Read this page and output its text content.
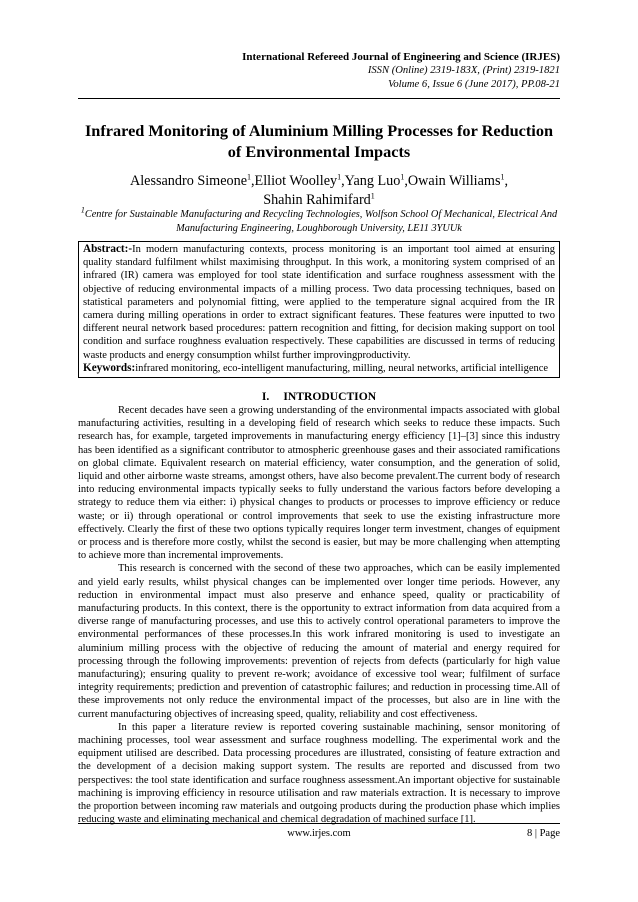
International Refereed Journal of Engineering and Science (IRJES)
ISSN (Online) 2319-183X, (Print) 2319-1821
Volume 6, Issue 6 (June 2017), PP.08-21
Infrared Monitoring of Aluminium Milling Processes for Reduction of Environmental Impacts
Alessandro Simeone$^1$,Elliot Woolley$^1$,Yang Luo$^1$,Owain Williams$^1$,
Shahin Rahimifard$^1$
$^1$Centre for Sustainable Manufacturing and Recycling Technologies, Wolfson School Of Mechanical, Electrical And Manufacturing Engineering, Loughborough University, LE11 3YUUk
Abstract:-In modern manufacturing contexts, process monitoring is an important tool aimed at ensuring quality standard fulfilment whilst maximising throughput. In this work, a monitoring system comprised of an infrared (IR) camera was employed for tool state identification and surface roughness assessment with the objective of reducing environmental impacts of a milling process. Two data processing techniques, based on statistical parameters and polynomial fitting, were applied to the temperature signal acquired from the IR camera during milling operations in order to extract significant features. These features were inputted to two different neural network based procedures: pattern recognition and fitting, for decision making support on tool condition and surface roughness evaluation respectively. These capabilities are discussed in terms of reducing waste products and energy consumption whilst further improvingproductivity.
Keywords:infrared monitoring, eco-intelligent manufacturing, milling, neural networks, artificial intelligence
I. INTRODUCTION

Recent decades have seen a growing understanding of the environmental impacts associated with global manufacturing activities, resulting in a developing field of research which seeks to reduce these impacts. Such research has, for example, targeted improvements in manufacturing energy efficiency [1]–[3] since this industry has been identified as a significant contributor to atmospheric greenhouse gases and their associated ramifications on global climate. Equivalent research on material efficiency, water consumption, and the generation of solid, liquid and other airborne waste streams, amongst others, have also become prevalent.The current body of research into reducing environmental impacts typically seeks to fully understand the various factors before developing a strategy to reduce them via either: i) physical changes to products or processes to improve efficiency or reduce waste; or ii) through operational or control improvements that seek to use the existing infrastructure more effectively. Clearly the first of these two options typically requires longer term investment, changes of equipment or process and is therefore more costly, whilst the second is easier, but may be more challenging when attempting to achieve more than incremental improvements.

This research is concerned with the second of these two approaches, which can be easily implemented and yield early results, whilst physical changes can be implemented over longer time periods. However, any reduction in environmental impact must also preserve and enhance speed, quality or practicability of manufacturing products. In this context, there is the opportunity to extract information from data acquired from a diverse range of manufacturing processes, and use this to actively control operational parameters to improve the environmental performances of these processes.In this work infrared monitoring is used to investigate an aluminium milling process with the objective of reducing the amount of material and energy required for processing through the following improvements: prevention of rejects from defects (particularly for high value manufacturing); ensuring quality to prevent re-work; avoidance of excessive tool wear; fulfilment of surface integrity requirements; prediction and prevention of catastrophic failures; and reduction in processing time.All of these improvements not only reduce the environmental impact of the processes, but also are in line with the current manufacturing objectives of increasing speed, quality, reliability and cost effectiveness.

In this paper a literature review is reported covering sustainable machining, sensor monitoring of machining processes, tool wear assessment and surface roughness modelling. The experimental work and the equipment utilised are described. Data processing procedures are illustrated, consisting of feature extraction and the development of a decision making support system. The results are reported and discussed from two perspectives: the tool state identification and surface roughness assessment.An important objective for sustainable machining is improving efficiency in resource utilisation and raw materials extraction. It is necessary to improve the proportion between incoming raw materials and outgoing products during the production phase which implies reducing waste and eliminating mechanical and chemical degradation of machined surface [1].

www.irjes.com	8 | Page
